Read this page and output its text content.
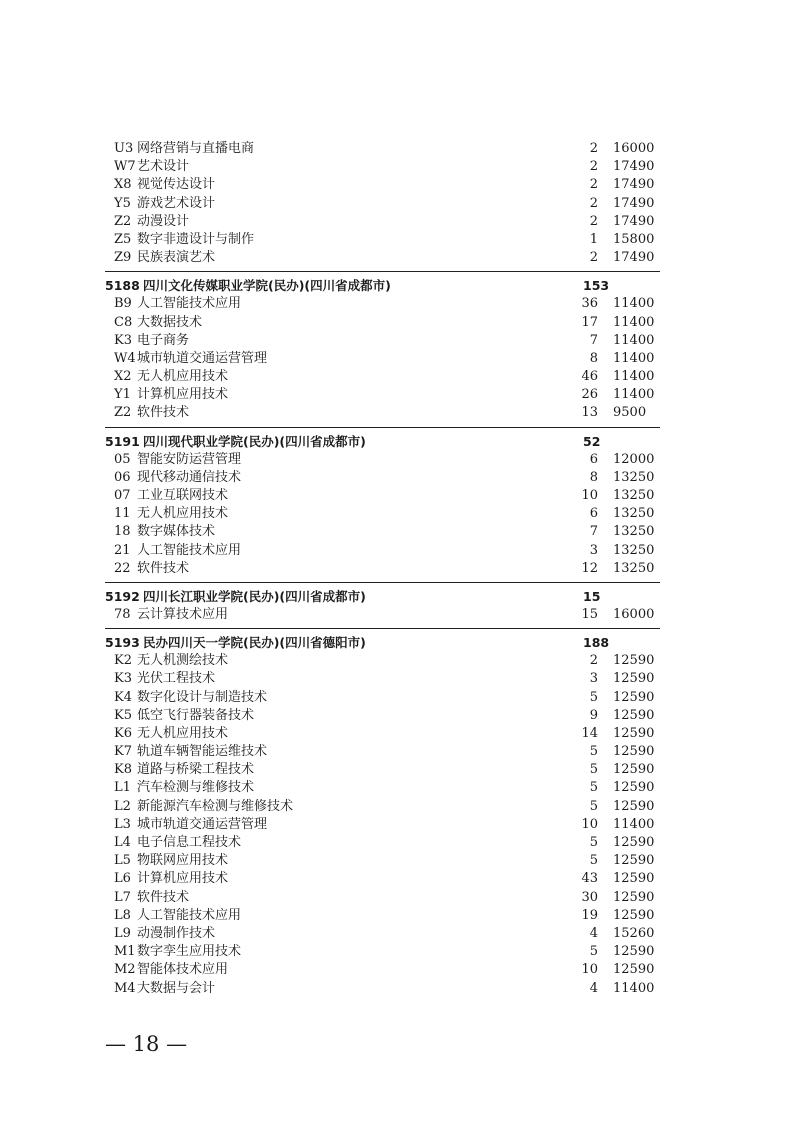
U3 网络营销与直播电商	2 16000
W7 艺术设计	2 17490
X8 视觉传达设计	2 17490
Y5 游戏艺术设计	2 17490
Z2 动漫设计	2 17490
Z5 数字非遗设计与制作	1 15800
Z9 民族表演艺术	2 17490
5188 四川文化传媒职业学院(民办)(四川省成都市)	153
B9 人工智能技术应用	36 11400
C8 大数据技术	17 11400
K3 电子商务	7 11400
W4 城市轨道交通运营管理	8 11400
X2 无人机应用技术	46 11400
Y1 计算机应用技术	26 11400
Z2 软件技术	13 9500
5191 四川现代职业学院(民办)(四川省成都市)	52
05 智能安防运营管理	6 12000
06 现代移动通信技术	8 13250
07 工业互联网技术	10 13250
11 无人机应用技术	6 13250
18 数字媒体技术	7 13250
21 人工智能技术应用	3 13250
22 软件技术	12 13250
5192 四川长江职业学院(民办)(四川省成都市)	15
78 云计算技术应用	15 16000
5193 民办四川天一学院(民办)(四川省德阳市)	188
K2 无人机测绘技术	2 12590
K3 光伏工程技术	3 12590
K4 数字化设计与制造技术	5 12590
K5 低空飞行器装备技术	9 12590
K6 无人机应用技术	14 12590
K7 轨道车辆智能运维技术	5 12590
K8 道路与桥梁工程技术	5 12590
L1 汽车检测与维修技术	5 12590
L2 新能源汽车检测与维修技术	5 12590
L3 城市轨道交通运营管理	10 11400
L4 电子信息工程技术	5 12590
L5 物联网应用技术	5 12590
L6 计算机应用技术	43 12590
L7 软件技术	30 12590
L8 人工智能技术应用	19 12590
L9 动漫制作技术	4 15260
M1 数字孪生应用技术	5 12590
M2 智能体技术应用	10 12590
M4 大数据与会计	4 11400
— 18 —
